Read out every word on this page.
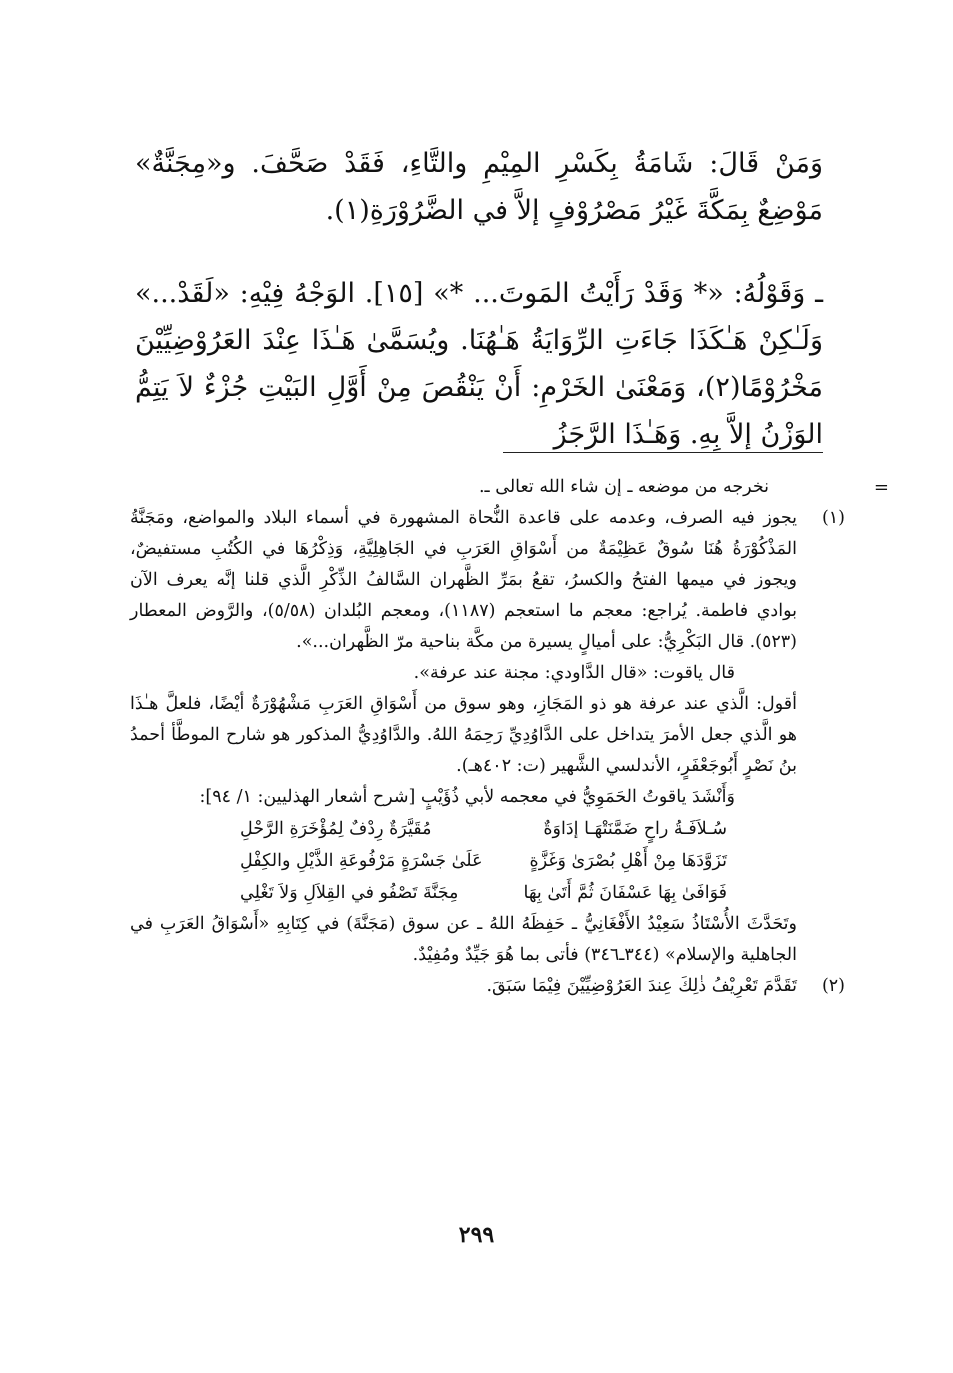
وَمَنْ قَالَ: شَامَةُ بِكَسْرِ المِيْمِ والتَّاءِ، فَقَدْ صَحَّفَ. و«مِجَنَّةٌ» مَوْضِعٌ بِمَكَّةَ غَيْرُ مَصْرُوْفٍ إلاَّ في الضَّرُوْرَةِ(١).

ـ وَقَوْلُهُ: «* وَقَدْ رَأَيْتُ المَوتَ... *» [١٥]. الوَجْهُ فِيْهِ: «لَقَدْ...» وَلَـٰكِنْ هَـٰكَذَا جَاءَتِ الرِّوَايَةُ هَـٰهُنَا. ويُسَمَّىٰ هَـٰذَا عِنْدَ العَرُوْضِيِّيْنَ مَخْرُوْمًا(٢)، وَمَعْنَىٰ الخَرْمِ: أَنْ يَنْقُصَ مِنْ أَوَّلِ البَيْتِ جُزْءٌ لاَ يَتِمُّ الوَزْنُ إلاَّ بِهِ. وَهَـٰذَا الرَّجَزُ

=

نخرجه من موضعه ـ إن شاء الله تعالى ـ.

(١)

يجوز فيه الصرف، وعدمه على قاعدة النُّحاة المشهورة في أسماء البلاد والمواضع، ومَجَنَّةُ المَذْكُوْرَةُ هُنَا سُوقٌ عَظِيْمَةٌ من أَسْوَاقِ العَرَبِ في الجَاهِلِيَّةِ، وَذِكْرُهَا في الكُتُبِ مستفيضٌ، ويجوز في ميمها الفتحُ والكسرُ، تقعُ بمَرِّ الظَّهران السَّالفُ الذِّكْرِ الَّذي قلنا إنَّه يعرف الآن بوادي فاطمة. يُراجع: معجم ما استعجم (١١٨٧)، ومعجم البُلدان (٥/٥٨)، والرَّوض المعطار (٥٢٣). قال البَكْرِيُّ: على أميالٍ يسيرة من مكَّة بناحية مرّ الظَّهران...».

قال ياقوت: «قال الدَّاودي: مجنة عند عرفة».

أقول: الَّذي عند عرفة هو ذو المَجَازِ، وهو سوق من أَسْوَاقِ العَرَبِ مَشْهُوْرَةٌ أيْضًا، فلعلَّ هـٰذَا هو الَّذي جعل الأمرَ يتداخل على الدَّاوُدِيِّ رَحِمَهُ اللهُ. والدَّاوُدِيُّ المذكور هو شارح الموطَّأ أحمدُ بنُ نَصْرٍ أَبُوجَعْفَرٍ، الأندلسي الشَّهير (ت: ٤٠٢هـ).

وَأَنْشَدَ ياقوتُ الحَمَوِيُّ في معجمه لأبي ذُؤَيْبٍ [شرح أشعار الهذليين: ١/ ٩٤]:

سُـلاَفَـةُ راحٍ ضَمَّنَتْهَـا إدَاوَةٌ
مُقَيَّرَةٌ رِدْفٌ لِمُؤْخَرَةِ الرَّحْلِ
تَزَوَّدَهَا مِنْ أَهْلِ بُصْرَىٰ وَغَزَّةٍ
عَلَىٰ جَسْرَةٍ مَرْفُوعَةِ الذَّيْلِ والكِفْلِ
فَوَافَىٰ بِهَا عَسْفَانَ ثُمَّ أَتَىٰ بِهَا
مِجَنَّةَ تَصْفُو في القِلاَلِ وَلاَ تَغْلِي

وتَحَدَّثَ الأُسْتَاذُ سَعِيْدُ الأَفْغَانِيُّ ـ حَفِظَهُ اللهُ ـ عن سوق (مَجَنَّةَ) في كِتَابِهِ «أَسْوَاقُ العَرَبِ في الجاهلية والإسلام» (٣٤٤ـ٣٤٦) فأتى بما هُوَ جَيِّدٌ ومُفِيْدٌ.

(٢)

تَقَدَّمَ تَعْرِيْفُ ذٰلِكَ عِندَ العَرُوْضِيِّيْنَ فِيْمَا سَبَقَ.

٢٩٩
